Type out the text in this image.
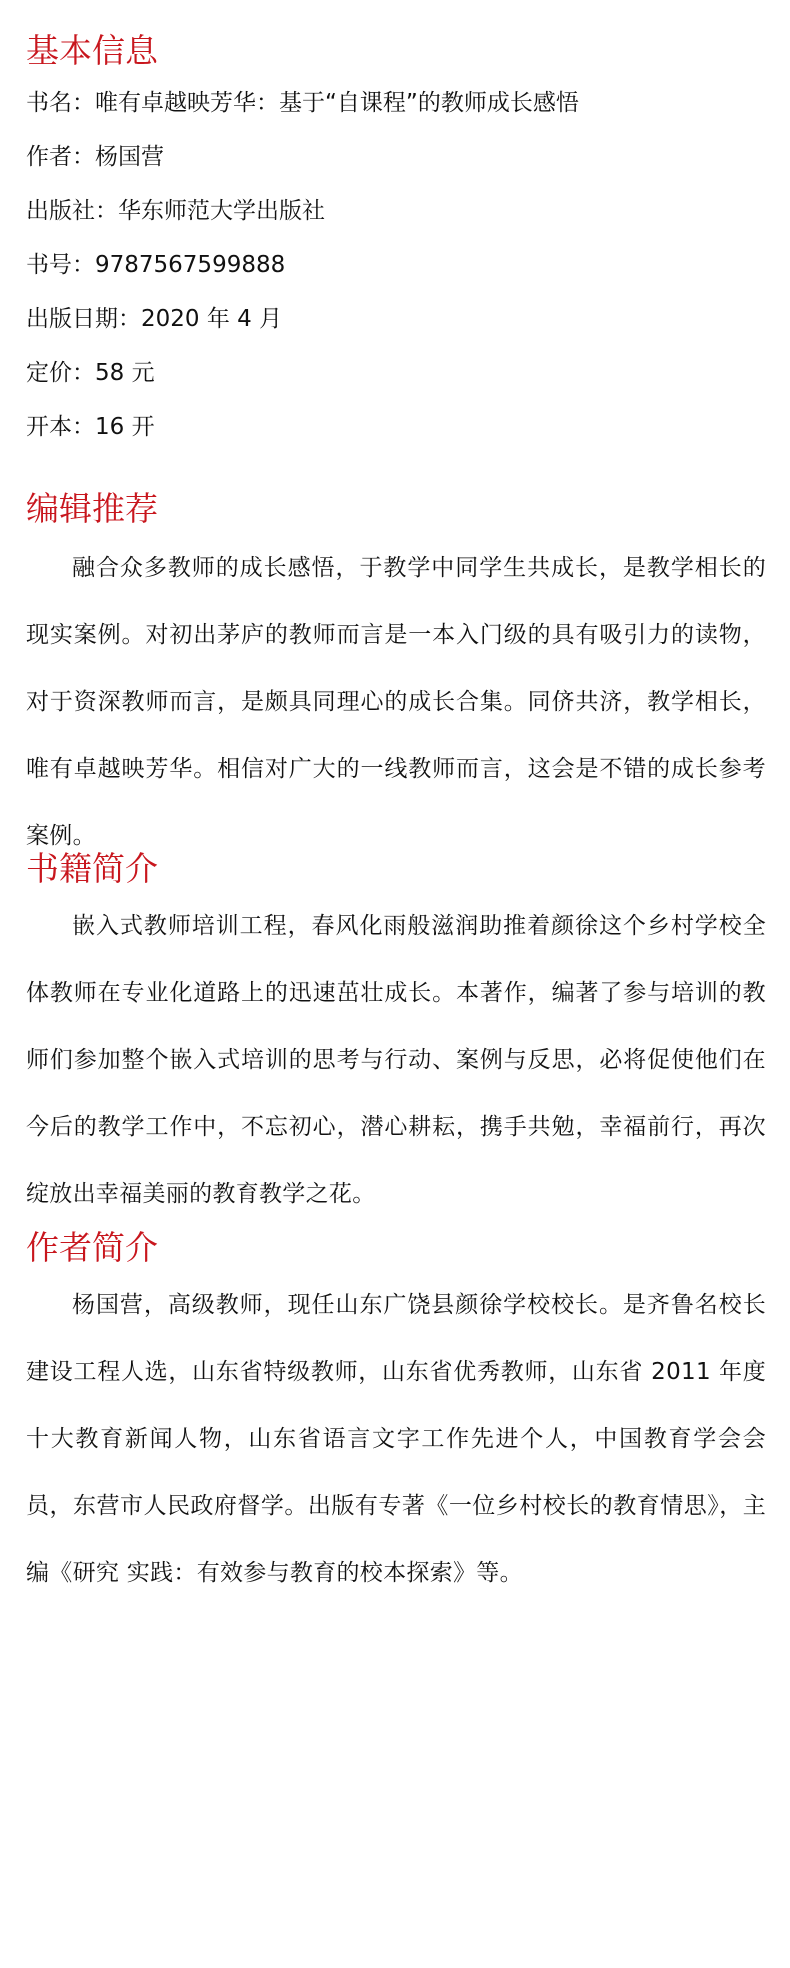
基本信息

书名：唯有卓越映芳华：基于“自课程”的教师成长感悟

作者：杨国营

出版社：华东师范大学出版社

书号：9787567599888

出版日期：2020 年 4 月

定价：58 元

开本：16 开

编辑推荐

融合众多教师的成长感悟，于教学中同学生共成长，是教学相长的现实案例。对初出茅庐的教师而言是一本入门级的具有吸引力的读物，对于资深教师而言，是颇具同理心的成长合集。同侪共济，教学相长，唯有卓越映芳华。相信对广大的一线教师而言，这会是不错的成长参考案例。

书籍简介

嵌入式教师培训工程，春风化雨般滋润助推着颜徐这个乡村学校全体教师在专业化道路上的迅速茁壮成长。本著作，编著了参与培训的教师们参加整个嵌入式培训的思考与行动、案例与反思，必将促使他们在今后的教学工作中，不忘初心，潜心耕耘，携手共勉，幸福前行，再次绽放出幸福美丽的教育教学之花。

作者简介

杨国营，高级教师，现任山东广饶县颜徐学校校长。是齐鲁名校长建设工程人选，山东省特级教师，山东省优秀教师，山东省 2011 年度十大教育新闻人物，山东省语言文字工作先进个人，中国教育学会会员，东营市人民政府督学。出版有专著《一位乡村校长的教育情思》，主编《研究 实践：有效参与教育的校本探索》等。
